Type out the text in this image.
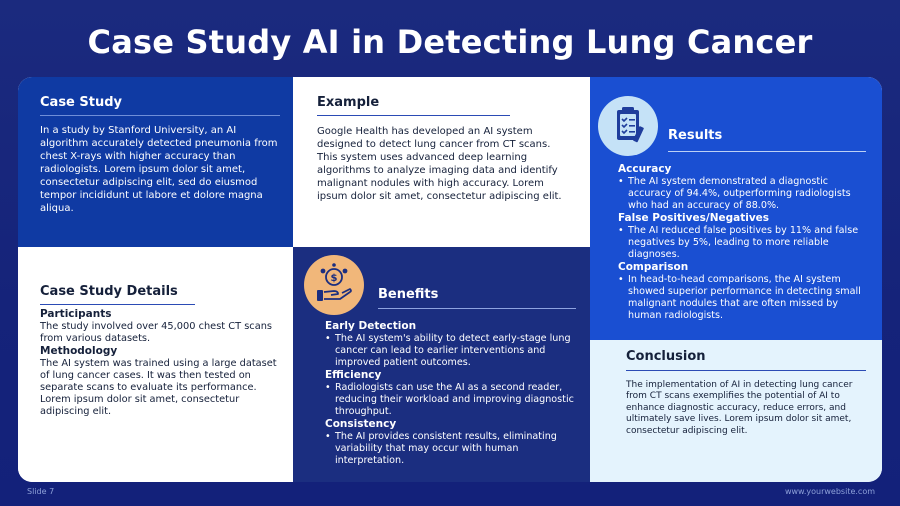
Case Study AI in Detecting Lung Cancer
Case Study
In a study by Stanford University, an AI algorithm accurately detected pneumonia from chest X-rays with higher accuracy than radiologists. Lorem ipsum dolor sit amet, consectetur adipiscing elit, sed do eiusmod tempor incididunt ut labore et dolore magna aliqua.
Example
Google Health has developed an AI system designed to detect lung cancer from CT scans. This system uses advanced deep learning algorithms to analyze imaging data and identify malignant nodules with high accuracy. Lorem ipsum dolor sit amet, consectetur adipiscing elit.
Results
Accuracy
• The AI system demonstrated a diagnostic accuracy of 94.4%, outperforming radiologists who had an accuracy of 88.0%.
False Positives/Negatives
• The AI reduced false positives by 11% and false negatives by 5%, leading to more reliable diagnoses.
Comparison
• In head-to-head comparisons, the AI system showed superior performance in detecting small malignant nodules that are often missed by human radiologists.
Case Study Details
Participants
The study involved over 45,000 chest CT scans from various datasets.
Methodology
The AI system was trained using a large dataset of lung cancer cases. It was then tested on separate scans to evaluate its performance. Lorem ipsum dolor sit amet, consectetur adipiscing elit.
$
Benefits
Early Detection
• The AI system's ability to detect early-stage lung cancer can lead to earlier interventions and improved patient outcomes.
Efficiency
• Radiologists can use the AI as a second reader, reducing their workload and improving diagnostic throughput.
Consistency
• The AI provides consistent results, eliminating variability that may occur with human interpretation.
Conclusion
The implementation of AI in detecting lung cancer from CT scans exemplifies the potential of AI to enhance diagnostic accuracy, reduce errors, and ultimately save lives. Lorem ipsum dolor sit amet, consectetur adipiscing elit.
Slide 7	www.yourwebsite.com
